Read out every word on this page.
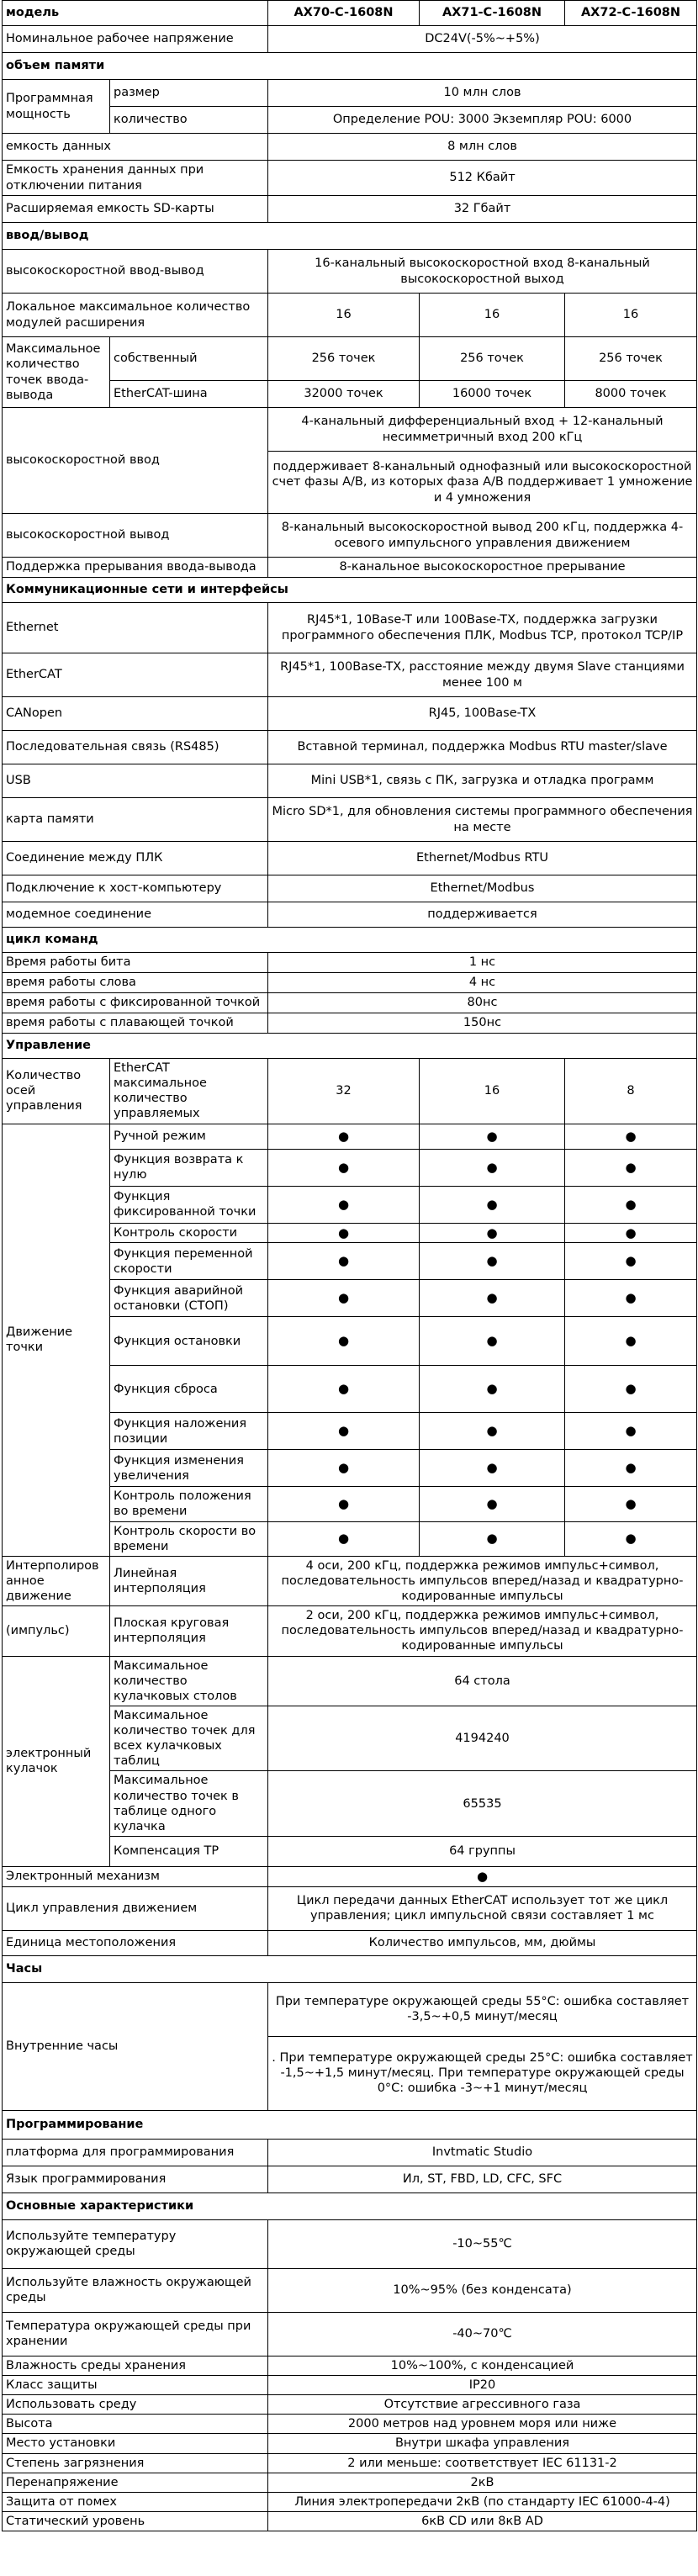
модель		AX70-C-1608N	AX71-C-1608N	AX72-C-1608N
Номинальное рабочее напряжение		DC24V(-5%~+5%)		
объем памяти				
Программная мощность	размер	10 млн слов		
	количество	Определение POU: 3000 Экземпляр POU: 6000		
емкость данных		8 млн слов		
Емкость хранения данных при отключении питания		512 Кбайт		
Расширяемая емкость SD-карты		32 Гбайт		
ввод/вывод				
высокоскоростной ввод-вывод		16-канальный высокоскоростной вход 8-канальный высокоскоростной выход		
Локальное максимальное количество модулей расширения		16	16	16
Максимальное количество точек ввода-вывода	собственный	256 точек	256 точек	256 точек
	EtherCAT-шина	32000 точек	16000 точек	8000 точек
высокоскоростной ввод		4-канальный дифференциальный вход + 12-канальный несимметричный вход 200 кГц		
		поддерживает 8-канальный однофазный или высокоскоростной счет фазы A/B, из которых фаза A/B поддерживает 1 умножение и 4 умножения		
высокоскоростной вывод		8-канальный высокоскоростной вывод 200 кГц, поддержка 4-осевого импульсного управления движением		
Поддержка прерывания ввода-вывода		8-канальное высокоскоростное прерывание		
Коммуникационные сети и интерфейсы				
Ethernet		RJ45*1, 10Base-T или 100Base-TX, поддержка загрузки программного обеспечения ПЛК, Modbus TCP, протокол TCP/IP		
EtherCAT		RJ45*1, 100Base-TX, расстояние между двумя Slave станциями менее 100 м		
CANopen		RJ45, 100Base-TX		
Последовательная связь (RS485)		Вставной терминал, поддержка Modbus RTU master/slave		
USB		Mini USB*1, связь с ПК, загрузка и отладка программ		
карта памяти		Micro SD*1, для обновления системы программного обеспечения на месте		
Соединение между ПЛК		Ethernet/Modbus RTU		
Подключение к хост-компьютеру		Ethernet/Modbus		
модемное соединение		поддерживается		
цикл команд				
Время работы бита		1 нс		
время работы слова		4 нс		
время работы с фиксированной точкой		80нс		
время работы с плавающей точкой		150нс		
Управление				
Количество осей управления	EtherCAT максимальное количество управляемых	32	16	8
Движение точки	Ручной режим	●	●	●
	Функция возврата к нулю	●	●	●
	Функция фиксированной точки	●	●	●
	Контроль скорости	●	●	●
	Функция переменной скорости	●	●	●
	Функция аварийной остановки (СТОП)	●	●	●
	Функция остановки	●	●	●
	Функция сброса	●	●	●
	Функция наложения позиции	●	●	●
	Функция изменения увеличения	●	●	●
	Контроль положения во времени	●	●	●
	Контроль скорости во времени	●	●	●
Интерполированное движение	Линейная интерполяция	4 оси, 200 кГц, поддержка режимов импульс+символ, последовательность импульсов вперед/назад и квадратурно-кодированные импульсы		
(импульс)	Плоская круговая интерполяция	2 оси, 200 кГц, поддержка режимов импульс+символ, последовательность импульсов вперед/назад и квадратурно-кодированные импульсы		
электронный кулачок	Максимальное количество кулачковых столов	64 стола		
	Максимальное количество точек для всех кулачковых таблиц	4194240		
	Максимальное количество точек в таблице одного кулачка	65535		
	Компенсация ТР	64 группы		
Электронный механизм		●		
Цикл управления движением		Цикл передачи данных EtherCAT использует тот же цикл управления; цикл импульсной связи составляет 1 мс		
Единица местоположения		Количество импульсов, мм, дюймы		
Часы				
Внутренние часы		При температуре окружающей среды 55°C: ошибка составляет -3,5~+0,5 минут/месяц		
		. При температуре окружающей среды 25°C: ошибка составляет -1,5~+1,5 минут/месяц. При температуре окружающей среды 0°C: ошибка -3~+1 минут/месяц		
Программирование				
платформа для программирования		Invtmatic Studio		
Язык программирования		Ил, ST, FBD, LD, CFC, SFC		
Основные характеристики				
Используйте температуру окружающей среды		-10~55℃		
Используйте влажность окружающей среды		10%~95% (без конденсата)		
Температура окружающей среды при хранении		-40~70℃		
Влажность среды хранения		10%~100%, с конденсацией		
Класс защиты		IP20		
Использовать среду		Отсутствие агрессивного газа		
Высота		2000 метров над уровнем моря или ниже		
Место установки		Внутри шкафа управления		
Степень загрязнения		2 или меньше: соответствует IEC 61131-2		
Перенапряжение		2кВ		
Защита от помех		Линия электропередачи 2кВ (по стандарту IEC 61000-4-4)		
Статический уровень		6кВ CD или 8кВ AD		
